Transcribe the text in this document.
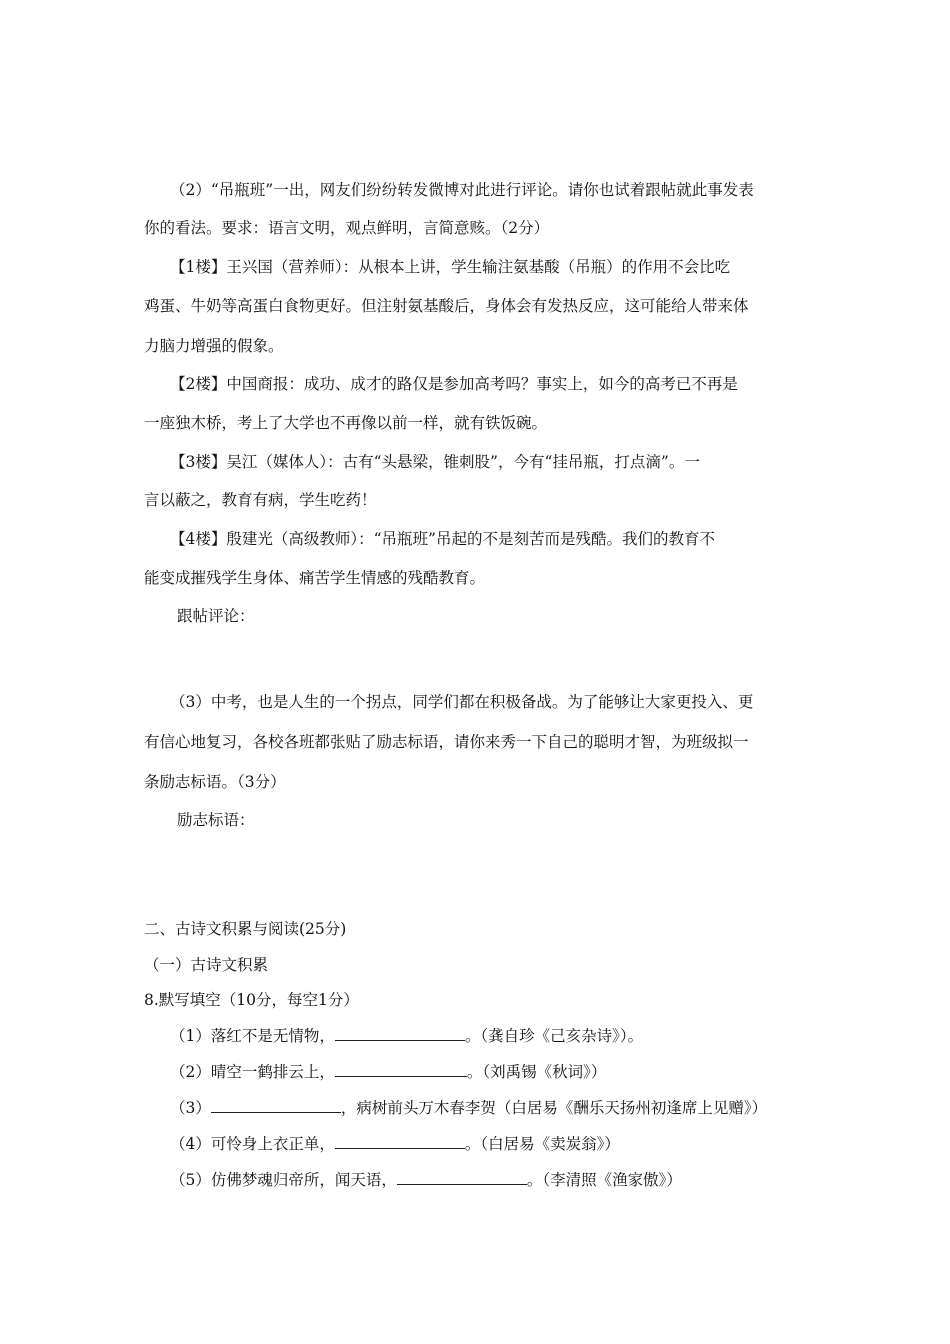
（2）“吊瓶班”一出，网友们纷纷转发微博对此进行评论。请你也试着跟帖就此事发表
你的看法。要求：语言文明，观点鲜明，言简意赅。（2分）
【1楼】王兴国（营养师）：从根本上讲，学生输注氨基酸（吊瓶）的作用不会比吃
鸡蛋、牛奶等高蛋白食物更好。但注射氨基酸后，身体会有发热反应，这可能给人带来体
力脑力增强的假象。
【2楼】中国商报：成功、成才的路仅是参加高考吗？事实上，如今的高考已不再是
一座独木桥，考上了大学也不再像以前一样，就有铁饭碗。
【3楼】吴江（媒体人）：古有“头悬梁，锥刺股”，今有“挂吊瓶，打点滴”。一
言以蔽之，教育有病，学生吃药！
【4楼】殷建光（高级教师）：“吊瓶班”吊起的不是刻苦而是残酷。我们的教育不
能变成摧残学生身体、痛苦学生情感的残酷教育。
跟帖评论：
（3）中考，也是人生的一个拐点，同学们都在积极备战。为了能够让大家更投入、更
有信心地复习，各校各班都张贴了励志标语，请你来秀一下自己的聪明才智，为班级拟一
条励志标语。（3分）
励志标语：
二、古诗文积累与阅读(25分)
（一）古诗文积累
8.默写填空（10分，每空1分）
（1）落红不是无情物，	。（龚自珍《己亥杂诗》）。
（2）晴空一鹤排云上，	。（刘禹锡《秋词》）
（3）	，病树前头万木春李贺（白居易《酬乐天扬州初逢席上见赠》）
（4）可怜身上衣正单，	。（白居易《卖炭翁》）
（5）仿佛梦魂归帝所，闻天语，	。（李清照《渔家傲》）
